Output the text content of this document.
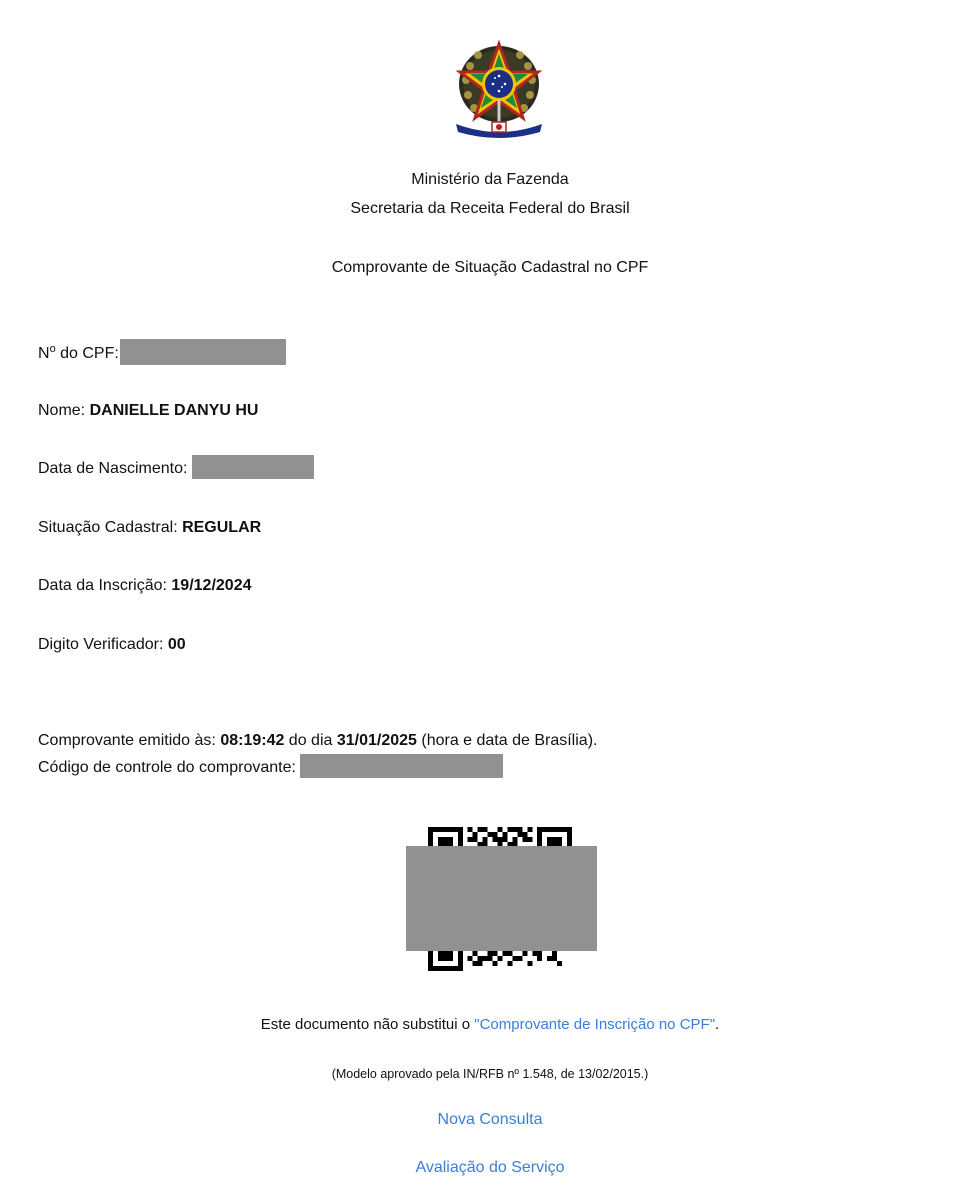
Ministério da Fazenda
Secretaria da Receita Federal do Brasil
Comprovante de Situação Cadastral no CPF
$N^o$ do CPF:
Nome: DANIELLE DANYU HU
Data de Nascimento:
Situação Cadastral: REGULAR
Data da Inscrição: 19/12/2024
Digito Verificador: 00
Comprovante emitido às: 08:19:42 do dia 31/01/2025 (hora e data de Brasília).
Código de controle do comprovante:
Este documento não substitui o "Comprovante de Inscrição no CPF".
(Modelo aprovado pela IN/RFB nº 1.548, de 13/02/2015.)
Nova Consulta
Avaliação do Serviço
